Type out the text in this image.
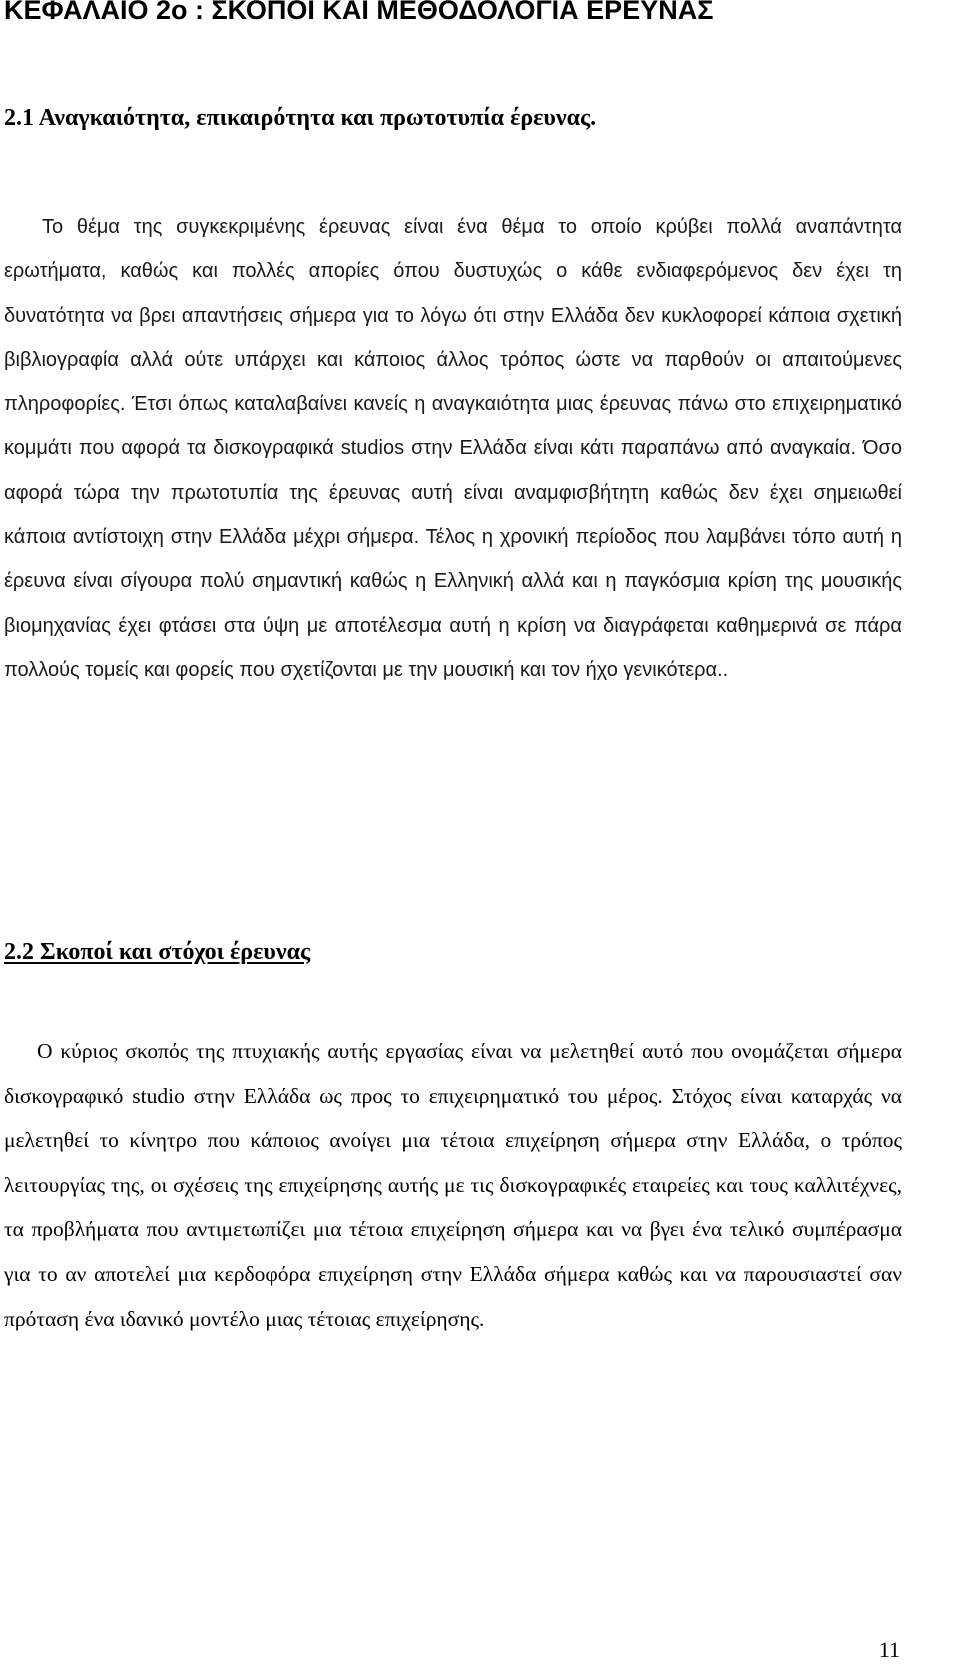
ΚΕΦΑΛΑΙΟ 2ο : ΣΚΟΠΟΙ ΚΑΙ ΜΕΘΟΔΟΛΟΓΙΑ ΕΡΕΥΝΑΣ
2.1 Αναγκαιότητα, επικαιρότητα και πρωτοτυπία έρευνας.

Το θέμα της συγκεκριμένης έρευνας είναι ένα θέμα το οποίο κρύβει πολλά αναπάντητα ερωτήματα, καθώς και πολλές απορίες όπου δυστυχώς ο κάθε ενδιαφερόμενος δεν έχει τη δυνατότητα να βρει απαντήσεις σήμερα για το λόγω ότι στην Ελλάδα δεν κυκλοφορεί κάποια σχετική βιβλιογραφία αλλά ούτε υπάρχει και κάποιος άλλος τρόπος ώστε να παρθούν οι απαιτούμενες πληροφορίες. Έτσι όπως καταλαβαίνει κανείς η αναγκαιότητα μιας έρευνας πάνω στο επιχειρηματικό κομμάτι που αφορά τα δισκογραφικά studios στην Ελλάδα είναι κάτι παραπάνω από αναγκαία. Όσο αφορά τώρα την πρωτοτυπία της έρευνας αυτή είναι αναμφισβήτητη καθώς δεν έχει σημειωθεί κάποια αντίστοιχη στην Ελλάδα μέχρι σήμερα. Τέλος η χρονική περίοδος που λαμβάνει τόπο αυτή η έρευνα είναι σίγουρα πολύ σημαντική καθώς η Ελληνική αλλά και η παγκόσμια κρίση της μουσικής βιομηχανίας έχει φτάσει στα ύψη με αποτέλεσμα αυτή η κρίση να διαγράφεται καθημερινά σε πάρα πολλούς τομείς και φορείς που σχετίζονται με την μουσική και τον ήχο γενικότερα..

2.2 Σκοποί και στόχοι έρευνας

Ο κύριος σκοπός της πτυχιακής αυτής εργασίας είναι να μελετηθεί αυτό που ονομάζεται σήμερα δισκογραφικό studio στην Ελλάδα ως προς το επιχειρηματικό του μέρος. Στόχος είναι καταρχάς να μελετηθεί το κίνητρο που κάποιος ανοίγει μια τέτοια επιχείρηση σήμερα στην Ελλάδα, ο τρόπος λειτουργίας της, οι σχέσεις της επιχείρησης αυτής με τις δισκογραφικές εταιρείες και τους καλλιτέχνες, τα προβλήματα που αντιμετωπίζει μια τέτοια επιχείρηση σήμερα και να βγει ένα τελικό συμπέρασμα για το αν αποτελεί μια κερδοφόρα επιχείρηση στην Ελλάδα σήμερα καθώς και να παρουσιαστεί σαν πρόταση ένα ιδανικό μοντέλο μιας τέτοιας επιχείρησης.

11
